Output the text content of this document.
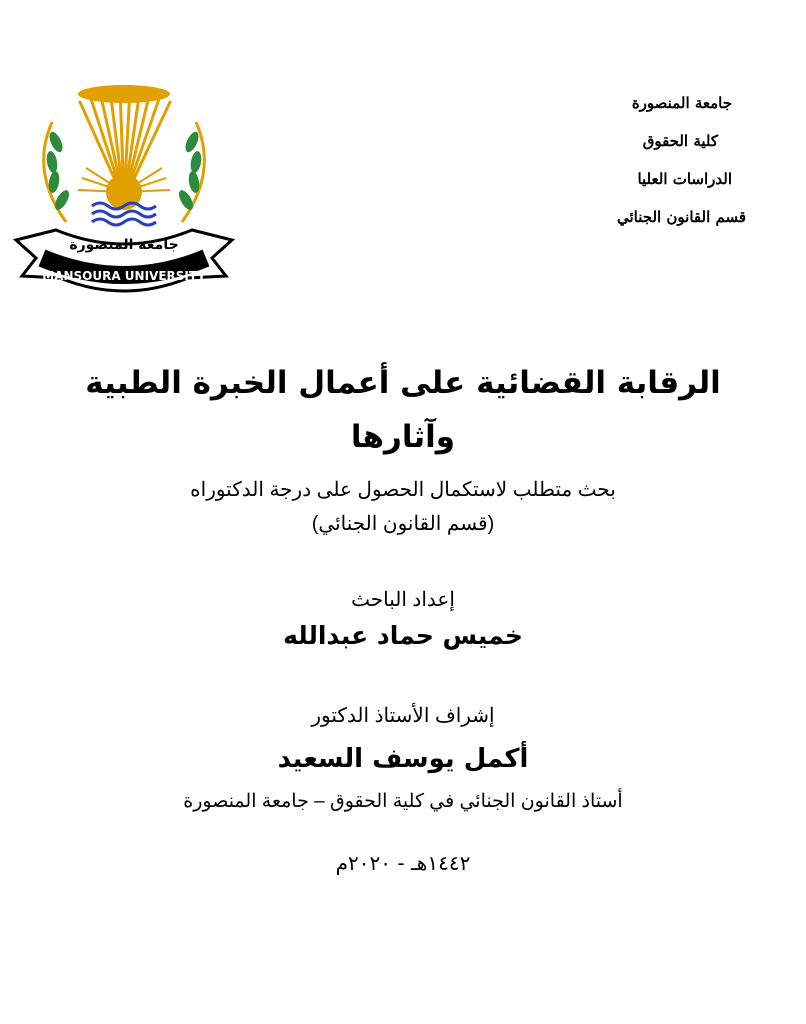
جامعة المنصورة
MANSOURA UNIVERSITY
جامعة المنصورة
كلية الحقوق
الدراسات العليا
قسم القانون الجنائي
الرقابة القضائية على أعمال الخبرة الطبية
وآثارها
بحث متطلب لاستكمال الحصول على درجة الدكتوراه
(قسم القانون الجنائي)
إعداد الباحث
خميس حماد عبدالله
إشراف الأستاذ الدكتور
أكمل يوسف السعيد
أستاذ القانون الجنائي في كلية الحقوق – جامعة المنصورة
١٤٤٢هـ - ٢٠٢٠م
